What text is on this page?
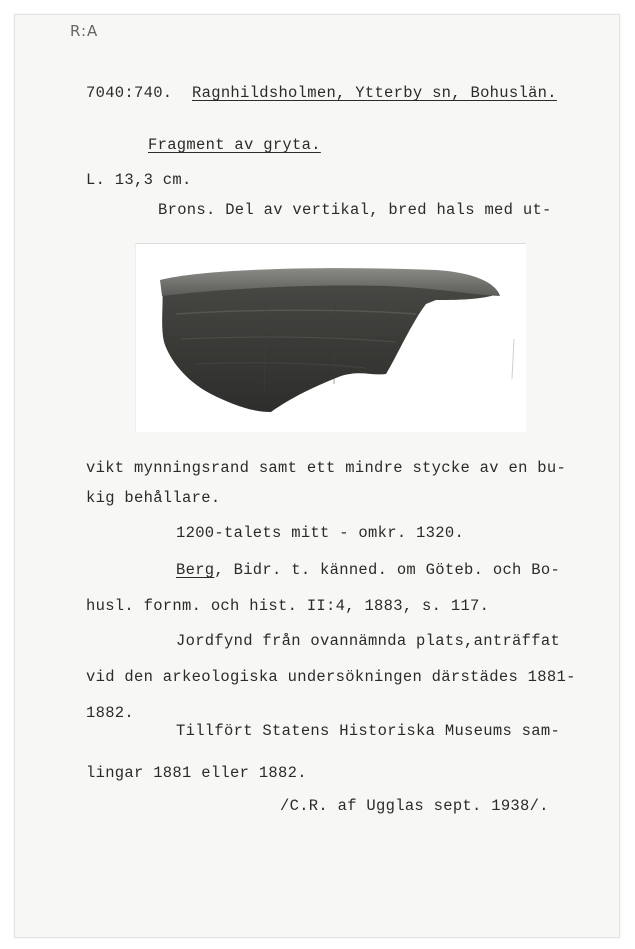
R:A
7040:740. Ragnhildsholmen, Ytterby sn, Bohuslän.
Fragment av gryta.
L. 13,3 cm.
Brons. Del av vertikal, bred hals med ut-
vikt mynningsrand samt ett mindre stycke av en bu-
kig behållare.
1200-talets mitt - omkr. 1320.
Berg, Bidr. t. känned. om Göteb. och Bo-
husl. fornm. och hist. II:4, 1883, s. 117.
Jordfynd från ovannämnda plats,anträffat
vid den arkeologiska undersökningen därstädes 1881-
1882.
Tillfört Statens Historiska Museums sam-
lingar 1881 eller 1882.
/C.R. af Ugglas sept. 1938/.
